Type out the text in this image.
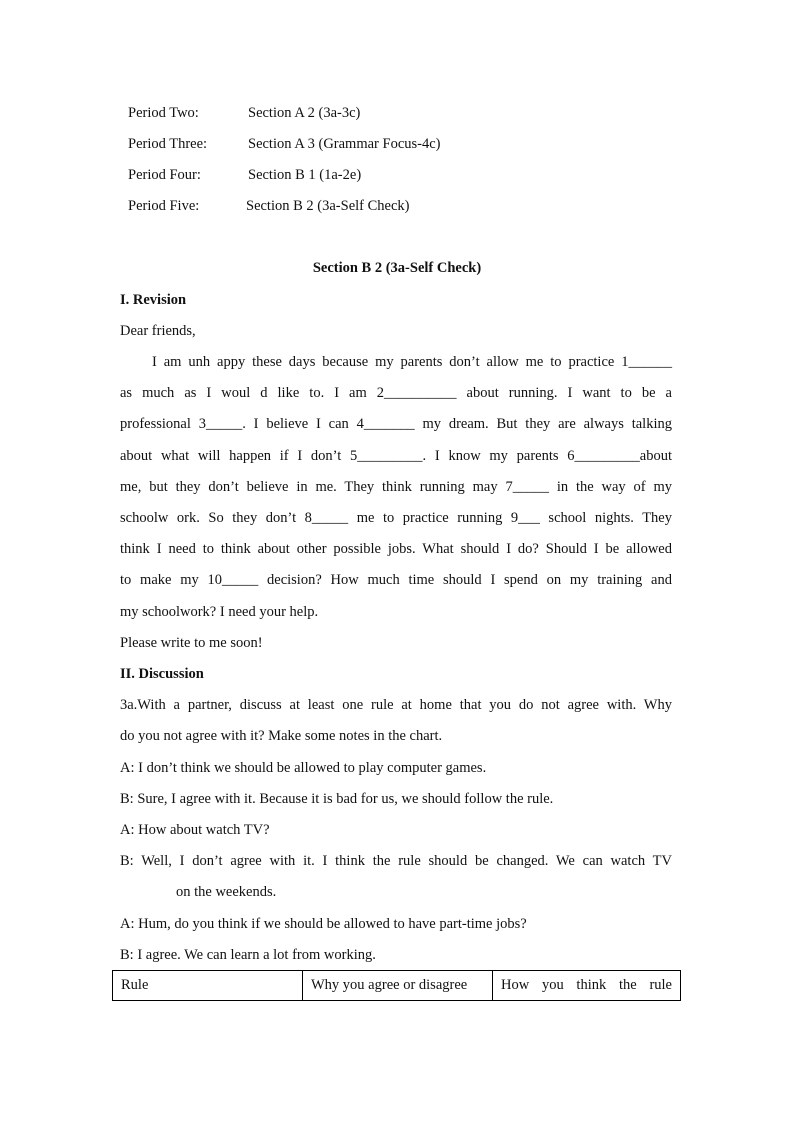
Period Two:	Section A 2 (3a-3c)
Period Three:	Section A 3 (Grammar Focus-4c)
Period Four:	Section B 1 (1a-2e)
Period Five:	Section B 2 (3a-Self Check)
Section B 2 (3a-Self Check)
I. Revision
Dear friends,
I am unh appy these days because my parents don’t allow me to practice 1______
as much as I woul d like to. I am 2__________ about running. I want to be a
professional 3_____. I believe I can 4_______ my dream. But they are always talking
about what will happen if I don’t 5_________. I know my parents 6_________about
me, but they don’t believe in me. They think running may 7_____ in the way of my
schoolw ork. So they don’t 8_____ me to practice running 9___ school nights. They
think I need to think about other possible jobs. What should I do? Should I be allowed
to make my 10_____ decision? How much time should I spend on my training and
my schoolwork? I need your help.
Please write to me soon!
II. Discussion
3a.With a partner, discuss at least one rule at home that you do not agree with. Why
do you not agree with it? Make some notes in the chart.
A: I don’t think we should be allowed to play computer games.
B: Sure, I agree with it. Because it is bad for us, we should follow the rule.
A: How about watch TV?
B: Well, I don’t agree with it. I think the rule should be changed. We can watch TV
on the weekends.
A: Hum, do you think if we should be allowed to have part-time jobs?
B: I agree. We can learn a lot from working.
Rule	Why you agree or disagree	How you think the rule
